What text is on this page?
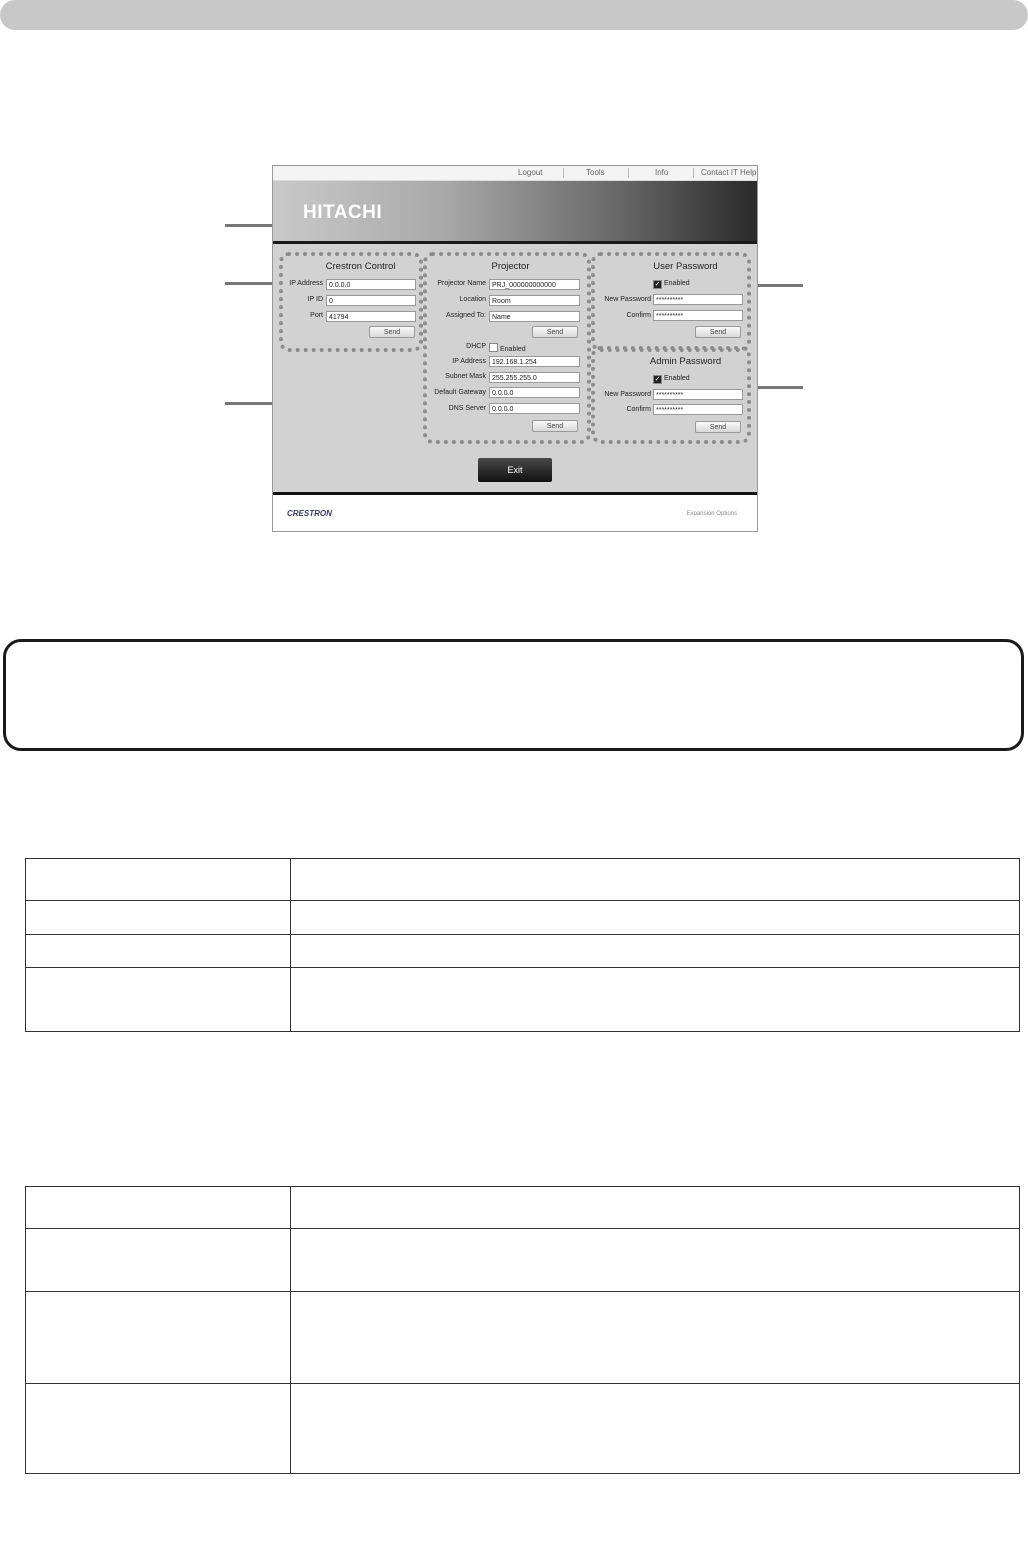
Logout	Tools	Info	Contact IT Help
HITACHI
Crestron Control
IP Address 0.0.0.0
IP ID 0
Port 41794
Send
Projector
Projector Name PRJ_000000000000
Location Room
Assigned To: Name
Send
DHCP	Enabled
IP Address 192.168.1.254
Subnet Mask 255.255.255.0
Default Gateway 0.0.0.0
DNS Server 0.0.0.0
Send
User Password
✓ Enabled
New Password **********
Confirm **********
Send
Admin Password
✓ Enabled
New Password **********
Confirm **********
Send
Exit
CRESTRON	Expansion Options
